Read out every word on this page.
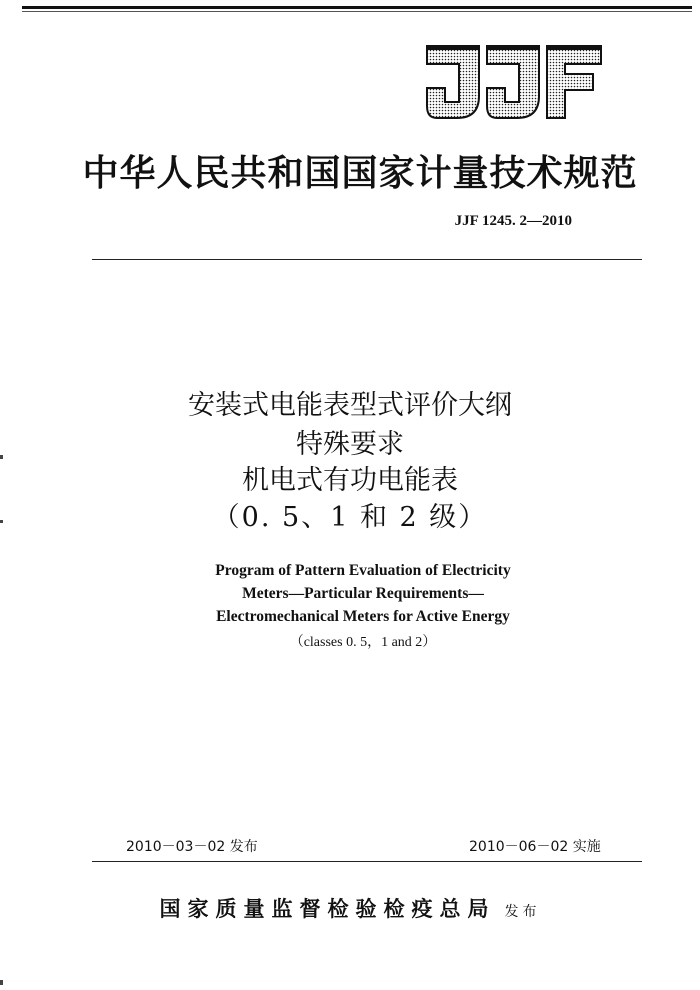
中华人民共和国国家计量技术规范
JJF 1245. 2—2010
安装式电能表型式评价大纲
特殊要求
机电式有功电能表
（0. 5、1 和 2 级）
Program of Pattern Evaluation of Electricity
Meters—Particular Requirements—
Electromechanical Meters for Active Energy
（classes 0. 5，1 and 2）
2010－03－02 发布	2010－06－02 实施
国家质量监督检验检疫总局 发布
